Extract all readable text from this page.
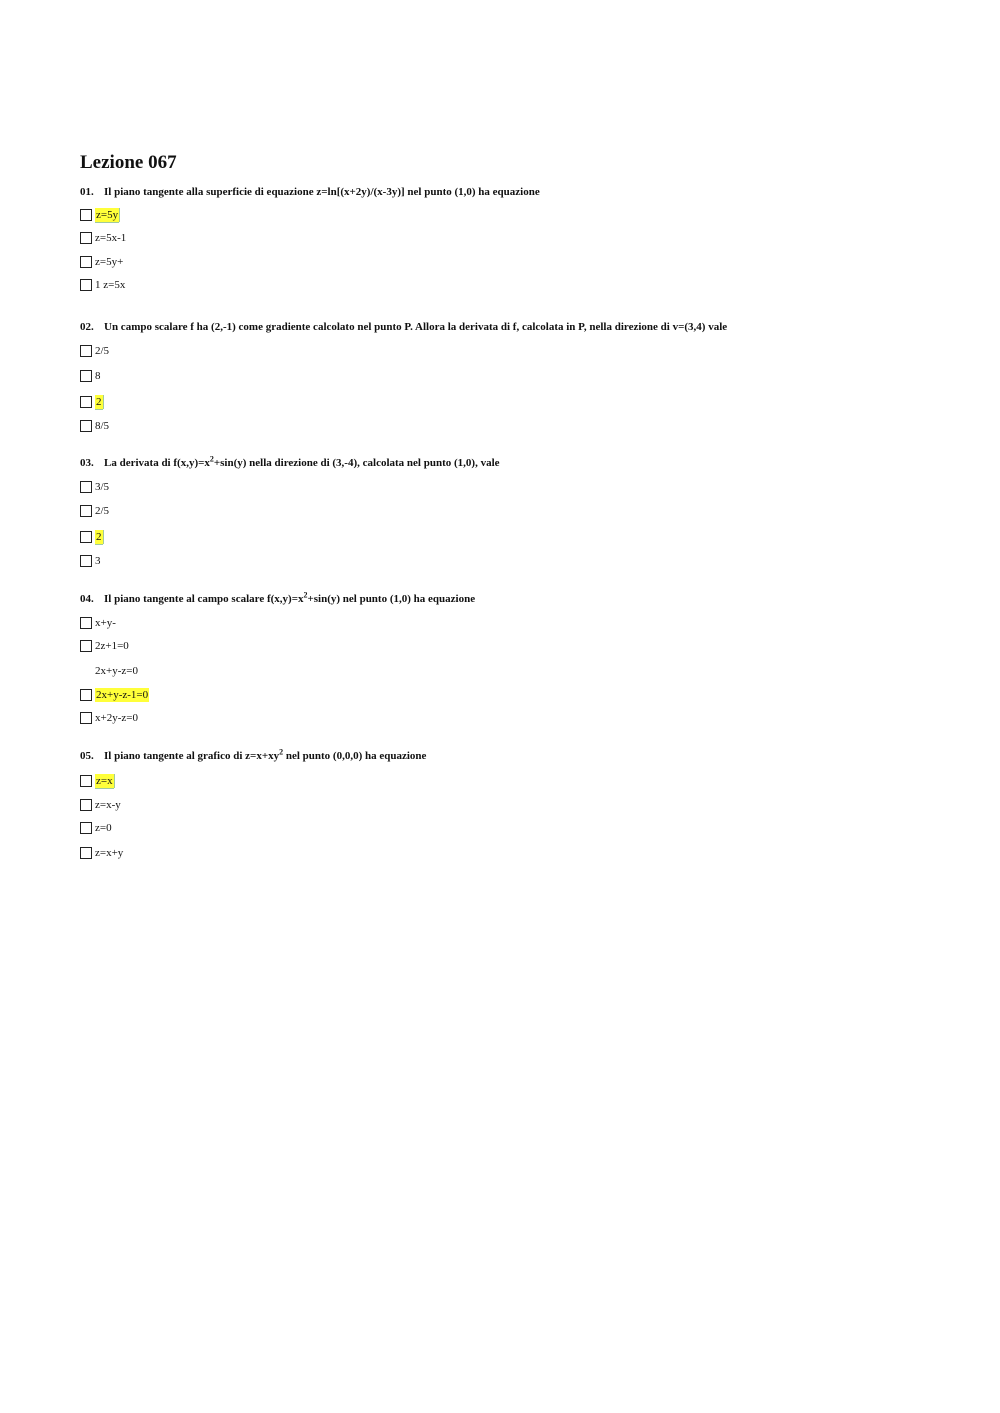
Lezione 067
01. Il piano tangente alla superficie di equazione z=ln[(x+2y)/(x-3y)] nel punto (1,0) ha equazione
z=5y
z=5x-1
z=5y+
1 z=5x
02. Un campo scalare f ha (2,-1) come gradiente calcolato nel punto P. Allora la derivata di f, calcolata in P, nella direzione di v=(3,4) vale
2/5
8
2
8/5
03. La derivata di $f(x,y)=x^2+\sin(y)$ nella direzione di (3,-4), calcolata nel punto (1,0), vale
3/5
2/5
2
3
04. Il piano tangente al campo scalare $f(x,y)=x^2+\sin(y)$ nel punto (1,0) ha equazione
x+y-
2z+1=0
2x+y-z=0
2x+y-z-1=0
x+2y-z=0
05. Il piano tangente al grafico di $z=x+xy^2$ nel punto (0,0,0) ha equazione
z=x
z=x-y
z=0
z=x+y
